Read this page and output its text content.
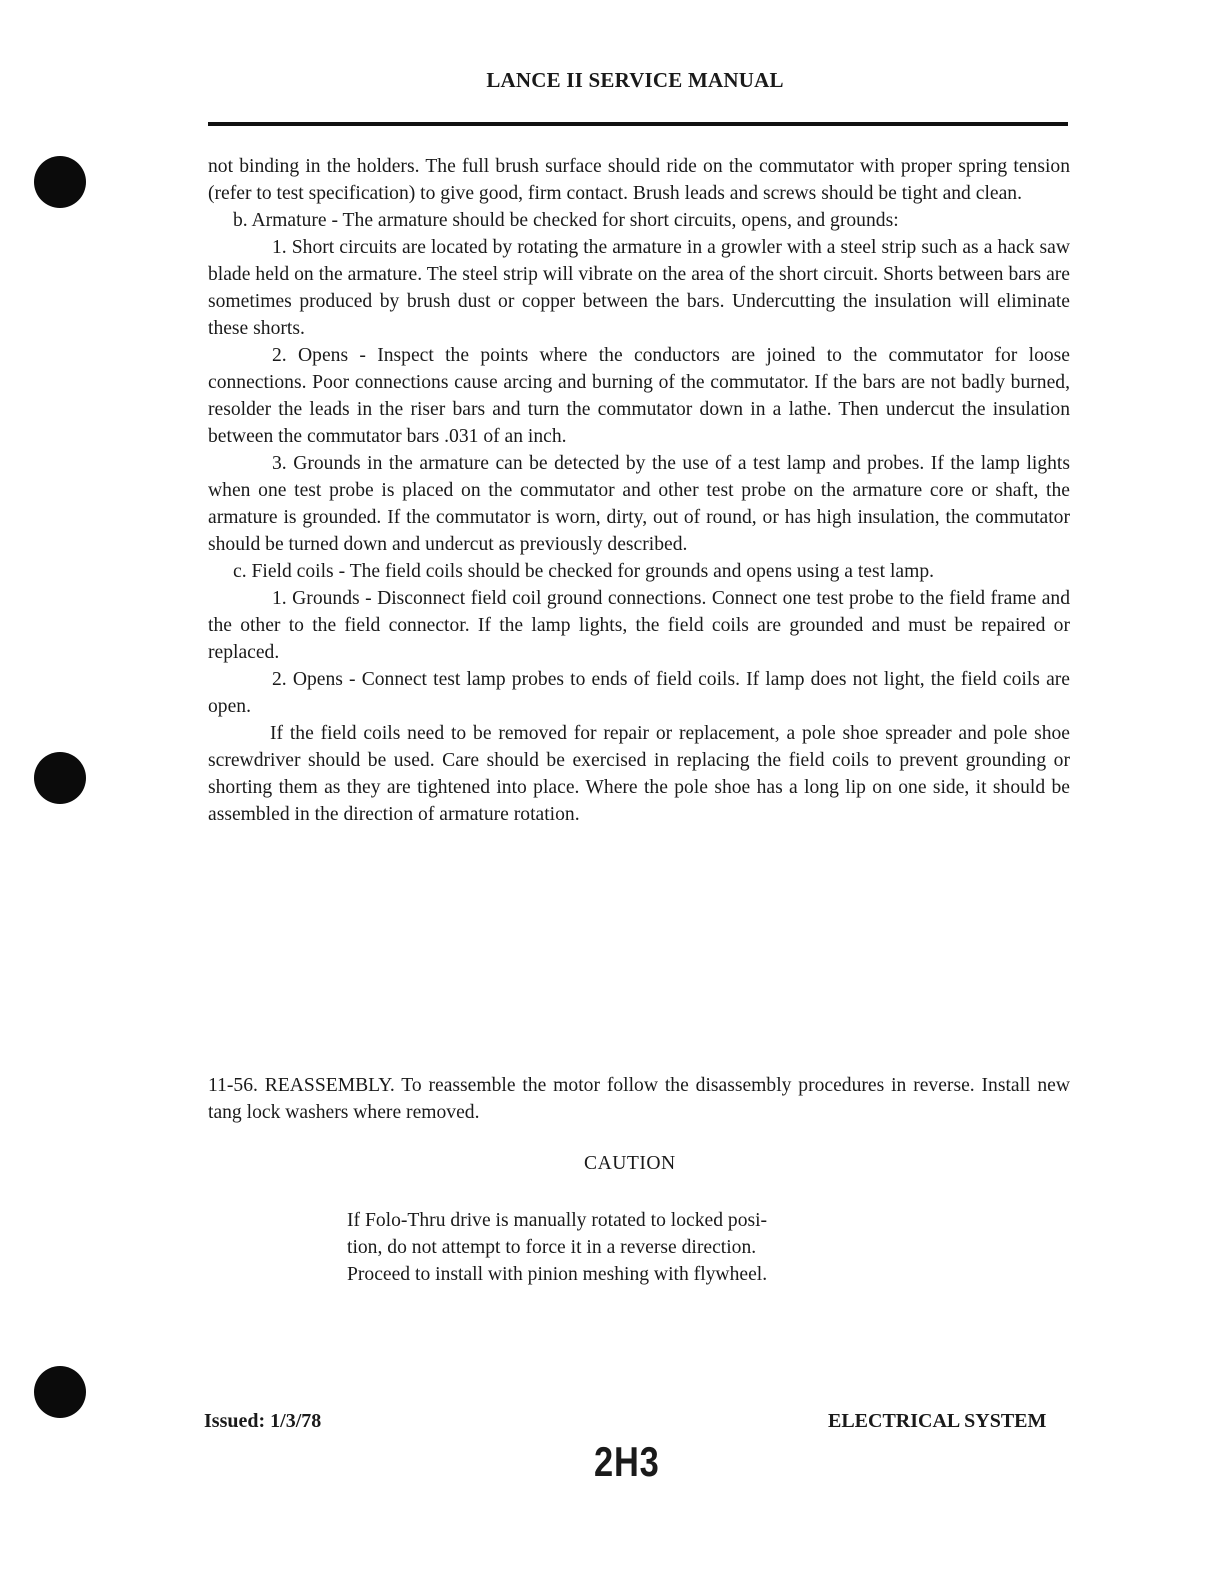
LANCE II SERVICE MANUAL

not binding in the holders. The full brush surface should ride on the commutator with proper spring tension (refer to test specification) to give good, firm contact. Brush leads and screws should be tight and clean.

b. Armature - The armature should be checked for short circuits, opens, and grounds:

1. Short circuits are located by rotating the armature in a growler with a steel strip such as a hack saw blade held on the armature. The steel strip will vibrate on the area of the short circuit. Shorts between bars are sometimes produced by brush dust or copper between the bars. Undercutting the insulation will eliminate these shorts.

2. Opens - Inspect the points where the conductors are joined to the commutator for loose connections. Poor connections cause arcing and burning of the commutator. If the bars are not badly burned, resolder the leads in the riser bars and turn the commutator down in a lathe. Then undercut the insulation between the commutator bars .031 of an inch.

3. Grounds in the armature can be detected by the use of a test lamp and probes. If the lamp lights when one test probe is placed on the commutator and other test probe on the armature core or shaft, the armature is grounded. If the commutator is worn, dirty, out of round, or has high insulation, the commutator should be turned down and undercut as previously described.

c. Field coils - The field coils should be checked for grounds and opens using a test lamp.

1. Grounds - Disconnect field coil ground connections. Connect one test probe to the field frame and the other to the field connector. If the lamp lights, the field coils are grounded and must be repaired or replaced.

2. Opens - Connect test lamp probes to ends of field coils. If lamp does not light, the field coils are open.

If the field coils need to be removed for repair or replacement, a pole shoe spreader and pole shoe screwdriver should be used. Care should be exercised in replacing the field coils to prevent grounding or shorting them as they are tightened into place. Where the pole shoe has a long lip on one side, it should be assembled in the direction of armature rotation.

11-56. REASSEMBLY. To reassemble the motor follow the disassembly procedures in reverse. Install new tang lock washers where removed.
CAUTION
If Folo-Thru drive is manually rotated to locked posi-
tion, do not attempt to force it in a reverse direction.
Proceed to install with pinion meshing with flywheel.
Issued: 1/3/78	ELECTRICAL SYSTEM
2H3
